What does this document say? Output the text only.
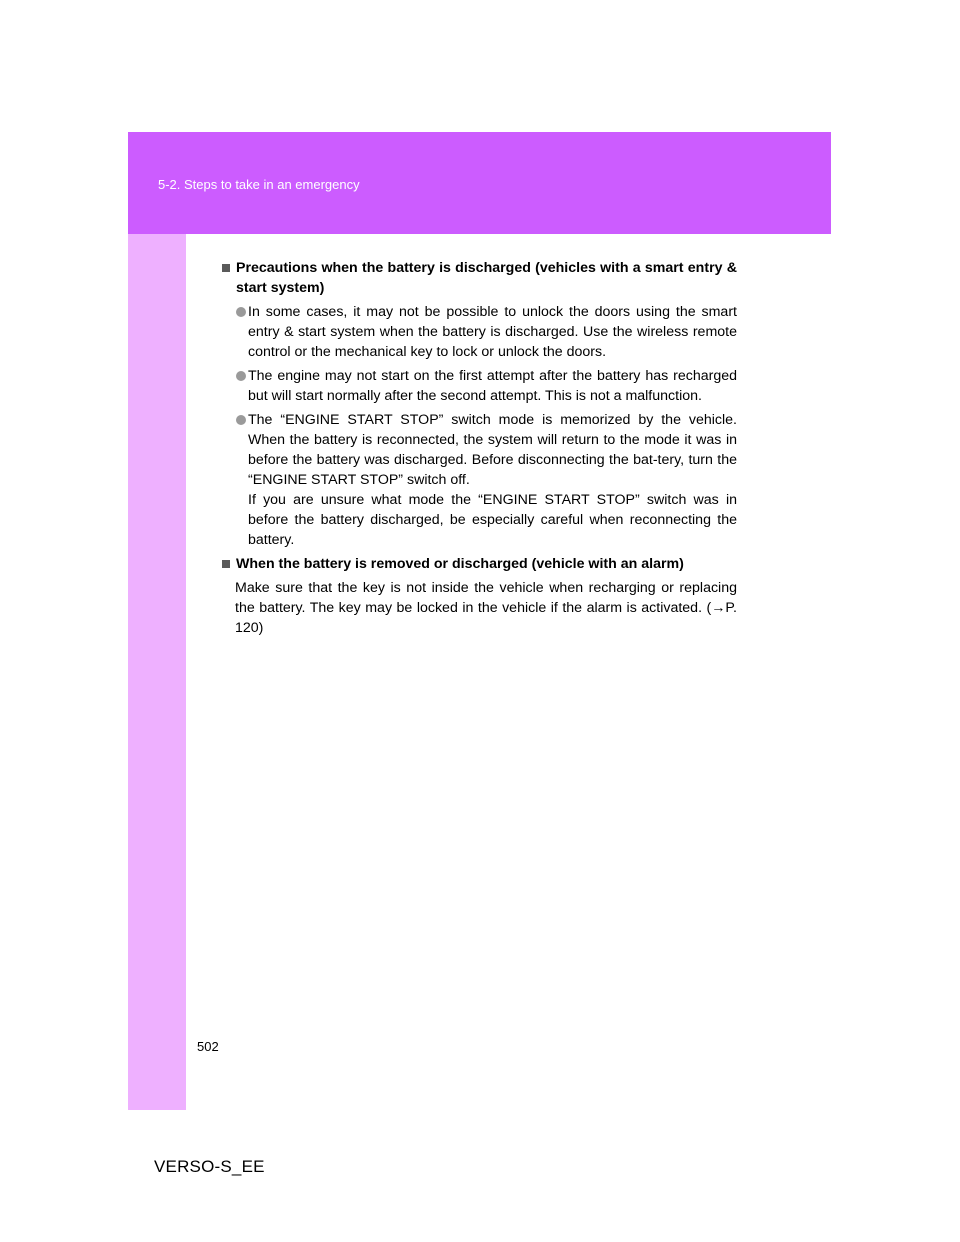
5-2. Steps to take in an emergency
Precautions when the battery is discharged (vehicles with a smart entry & start system)
In some cases, it may not be possible to unlock the doors using the smart entry & start system when the battery is discharged. Use the wireless remote control or the mechanical key to lock or unlock the doors.
The engine may not start on the first attempt after the battery has recharged but will start normally after the second attempt. This is not a malfunction.
The “ENGINE START STOP” switch mode is memorized by the vehicle. When the battery is reconnected, the system will return to the mode it was in before the battery was discharged. Before disconnecting the bat-tery, turn the “ENGINE START STOP” switch off.
If you are unsure what mode the “ENGINE START STOP” switch was in before the battery discharged, be especially careful when reconnecting the battery.
When the battery is removed or discharged (vehicle with an alarm)
Make sure that the key is not inside the vehicle when recharging or replacing the battery. The key may be locked in the vehicle if the alarm is activated. (→P. 120)
502
VERSO-S_EE
